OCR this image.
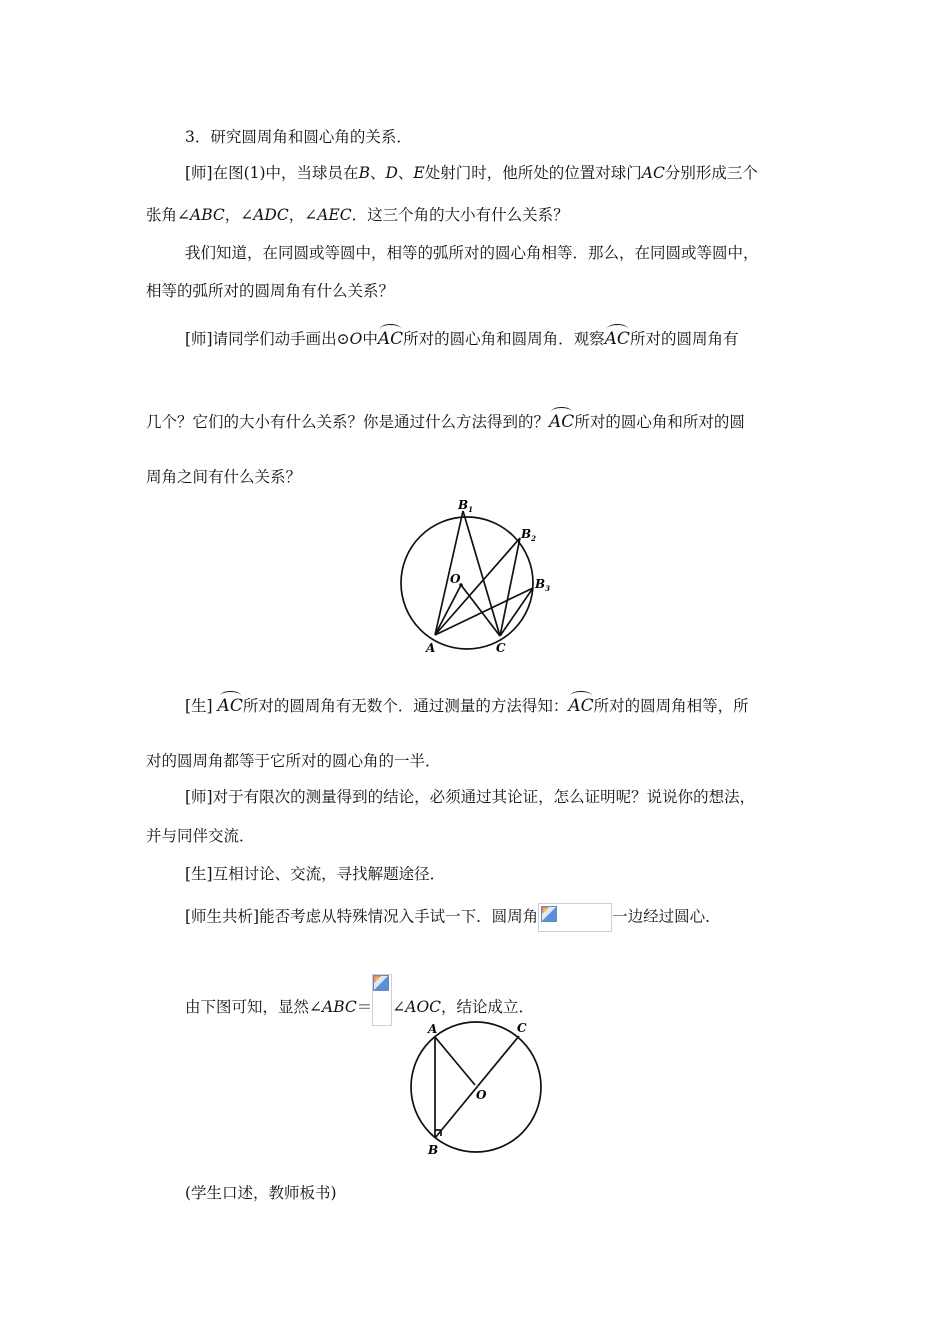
3．研究圆周角和圆心角的关系．
[师]在图(1)中，当球员在B、D、E处射门时，他所处的位置对球门AC分别形成三个
张角∠ABC，∠ADC，∠AEC．这三个角的大小有什么关系？
我们知道，在同圆或等圆中，相等的弧所对的圆心角相等．那么，在同圆或等圆中，
相等的弧所对的圆周角有什么关系？
[师]请同学们动手画出⊙O中AC所对的圆心角和圆周角．观察AC所对的圆周角有
几个？它们的大小有什么关系？你是通过什么方法得到的？AC所对的圆心角和所对的圆
周角之间有什么关系？
$B_1$
$B_2$
$B_3$
O
A	C
[生] AC所对的圆周角有无数个．通过测量的方法得知：AC所对的圆周角相等，所
对的圆周角都等于它所对的圆心角的一半．
[师]对于有限次的测量得到的结论，必须通过其论证，怎么证明呢？说说你的想法，
并与同伴交流．
[生]互相讨论、交流，寻找解题途径．
[师生共析]能否考虑从特殊情况入手试一下．圆周角	一边经过圆心．
由下图可知，显然∠ABC＝ ∠AOC，结论成立．
A	C
O
B
(学生口述，教师板书)
